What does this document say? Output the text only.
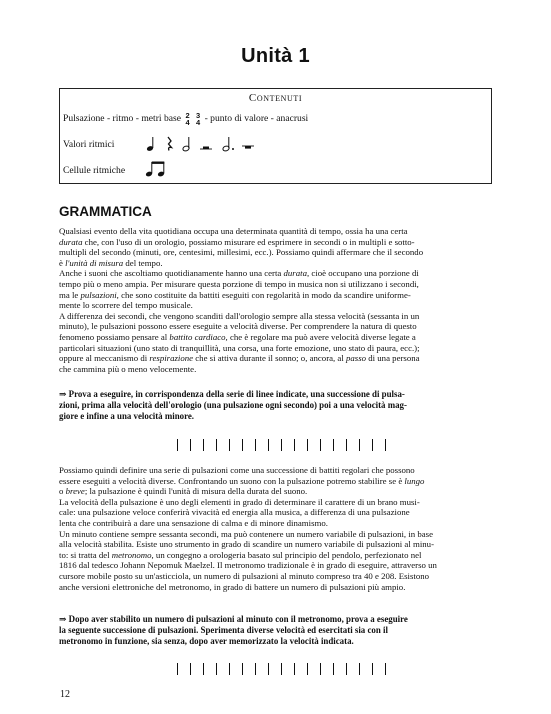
Unità 1
Contenuti
Pulsazione - ritmo - metri base 2
4

3
4 - punto di valore - anacrusi
Valori ritmici
Cellule ritmiche
GRAMMATICA

Qualsiasi evento della vita quotidiana occupa una determinata quantità di tempo, ossia ha una certa
durata che, con l'uso di un orologio, possiamo misurare ed esprimere in secondi o in multipli e sotto-
multipli del secondo (minuti, ore, centesimi, millesimi, ecc.). Possiamo quindi affermare che il secondo
è l'unità di misura del tempo.
Anche i suoni che ascoltiamo quotidianamente hanno una certa durata, cioè occupano una porzione di
tempo più o meno ampia. Per misurare questa porzione di tempo in musica non si utilizzano i secondi,
ma le pulsazioni, che sono costituite da battiti eseguiti con regolarità in modo da scandire uniforme-
mente lo scorrere del tempo musicale.
A differenza dei secondi, che vengono scanditi dall'orologio sempre alla stessa velocità (sessanta in un
minuto), le pulsazioni possono essere eseguite a velocità diverse. Per comprendere la natura di questo
fenomeno possiamo pensare al battito cardiaco, che è regolare ma può avere velocità diverse legate a
particolari situazioni (uno stato di tranquillità, una corsa, una forte emozione, uno stato di paura, ecc.);
oppure al meccanismo di respirazione che si attiva durante il sonno; o, ancora, al passo di una persona
che cammina più o meno velocemente.

⇒ Prova a eseguire, in corrispondenza della serie di linee indicate, una successione di pulsa-
zioni, prima alla velocità dell'orologio (una pulsazione ogni secondo) poi a una velocità mag-
giore e infine a una velocità minore.

Possiamo quindi definire una serie di pulsazioni come una successione di battiti regolari che possono
essere eseguiti a velocità diverse. Confrontando un suono con la pulsazione potremo stabilire se è lungo
o breve; la pulsazione è quindi l'unità di misura della durata del suono.
La velocità della pulsazione è uno degli elementi in grado di determinare il carattere di un brano musi-
cale: una pulsazione veloce conferirà vivacità ed energia alla musica, a differenza di una pulsazione
lenta che contribuirà a dare una sensazione di calma e di minore dinamismo.
Un minuto contiene sempre sessanta secondi, ma può contenere un numero variabile di pulsazioni, in base
alla velocità stabilita. Esiste uno strumento in grado di scandire un numero variabile di pulsazioni al minu-
to: si tratta del metronomo, un congegno a orologeria basato sul principio del pendolo, perfezionato nel
1816 dal tedesco Johann Nepomuk Maelzel. Il metronomo tradizionale è in grado di eseguire, attraverso un
cursore mobile posto su un'asticciola, un numero di pulsazioni al minuto compreso tra 40 e 208. Esistono
anche versioni elettroniche del metronomo, in grado di battere un numero di pulsazioni più ampio.

⇒ Dopo aver stabilito un numero di pulsazioni al minuto con il metronomo, prova a eseguire
la seguente successione di pulsazioni. Sperimenta diverse velocità ed esercitati sia con il
metronomo in funzione, sia senza, dopo aver memorizzato la velocità indicata.

12
